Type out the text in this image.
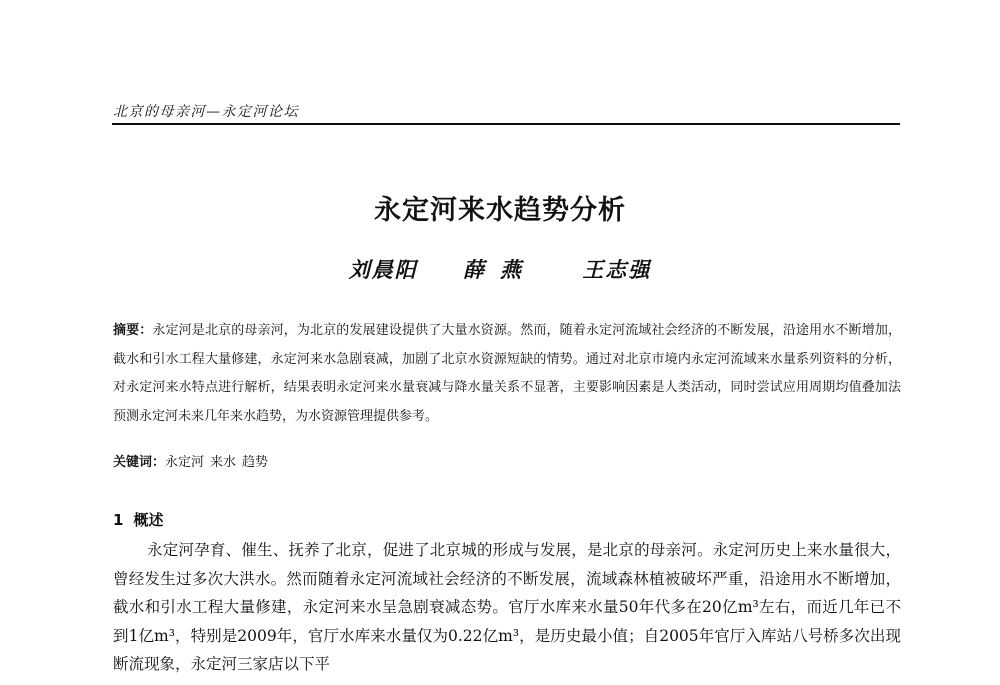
北京的母亲河—永定河论坛
永定河来水趋势分析
刘晨阳 薛燕 王志强
摘要：永定河是北京的母亲河，为北京的发展建设提供了大量水资源。然而，随着永定河流域社会经济的不断发展，沿途用水不断增加，截水和引水工程大量修建，永定河来水急剧衰减，加剧了北京水资源短缺的情势。通过对北京市境内永定河流域来水量系列资料的分析，对永定河来水特点进行解析，结果表明永定河来水量衰减与降水量关系不显著，主要影响因素是人类活动，同时尝试应用周期均值叠加法预测永定河未来几年来水趋势，为水资源管理提供参考。
关键词：永定河 来水 趋势
1 概述

永定河孕育、催生、抚养了北京，促进了北京城的形成与发展，是北京的母亲河。永定河历史上来水量很大，曾经发生过多次大洪水。然而随着永定河流域社会经济的不断发展，流域森林植被破坏严重，沿途用水不断增加，截水和引水工程大量修建，永定河来水呈急剧衰减态势。官厅水库来水量50年代多在20亿m³左右，而近几年已不到1亿m³，特别是2009年，官厅水库来水量仅为0.22亿m³，是历史最小值；自2005年官厅入库站八号桥多次出现断流现象，永定河三家店以下平
